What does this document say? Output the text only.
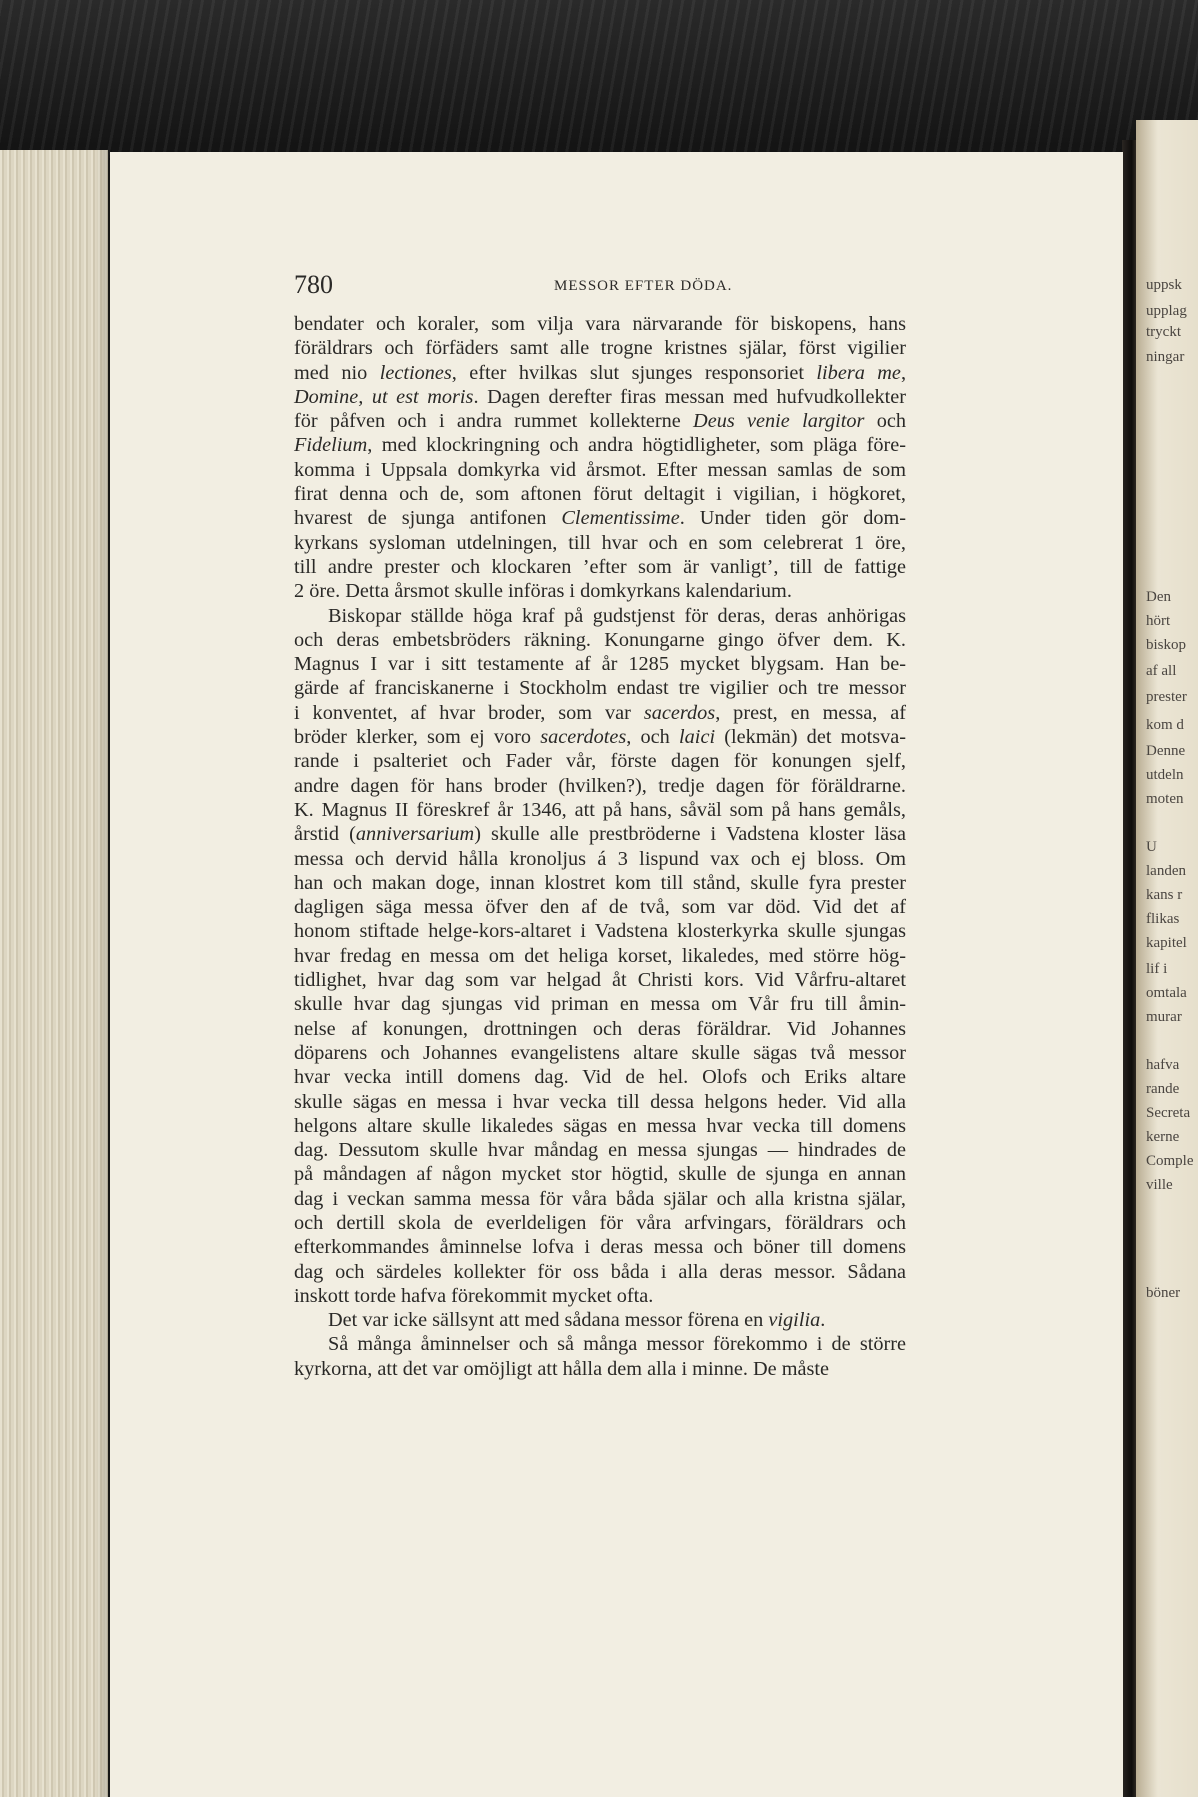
uppsk
upplag
tryckt
ningar
Den
hört
biskop
af all
prester
kom d
Denne
utdeln
moten
U
landen
kans r
flikas
kapitel
lif i
omtala
murar
hafva
rande
Secreta
kerne
Comple
ville
böner
780	MESSOR EFTER DÖDA.
bendater och koraler, som vilja vara närvarande för biskopens, hans
föräldrars och förfäders samt alle trogne kristnes själar, först vigilier
med nio lectiones, efter hvilkas slut sjunges responsoriet libera me,
Domine, ut est moris. Dagen derefter firas messan med hufvudkollekter
för påfven och i andra rummet kollekterne Deus venie largitor och
Fidelium, med klockringning och andra högtidligheter, som pläga före-
komma i Uppsala domkyrka vid årsmot. Efter messan samlas de som
firat denna och de, som aftonen förut deltagit i vigilian, i högkoret,
hvarest de sjunga antifonen Clementissime. Under tiden gör dom-
kyrkans sysloman utdelningen, till hvar och en som celebrerat 1 öre,
till andre prester och klockaren ’efter som är vanligt’, till de fattige
2 öre. Detta årsmot skulle införas i domkyrkans kalendarium.
Biskopar ställde höga kraf på gudstjenst för deras, deras anhörigas
och deras embetsbröders räkning. Konungarne gingo öfver dem. K.
Magnus I var i sitt testamente af år 1285 mycket blygsam. Han be-
gärde af franciskanerne i Stockholm endast tre vigilier och tre messor
i konventet, af hvar broder, som var sacerdos, prest, en messa, af
bröder klerker, som ej voro sacerdotes, och laici (lekmän) det motsva-
rande i psalteriet och Fader vår, förste dagen för konungen sjelf,
andre dagen för hans broder (hvilken?), tredje dagen för föräldrarne.
K. Magnus II föreskref år 1346, att på hans, såväl som på hans gemåls,
årstid (anniversarium) skulle alle prestbröderne i Vadstena kloster läsa
messa och dervid hålla kronoljus á 3 lispund vax och ej bloss. Om
han och makan doge, innan klostret kom till stånd, skulle fyra prester
dagligen säga messa öfver den af de två, som var död. Vid det af
honom stiftade helge-kors-altaret i Vadstena klosterkyrka skulle sjungas
hvar fredag en messa om det heliga korset, likaledes, med större hög-
tidlighet, hvar dag som var helgad åt Christi kors. Vid Vårfru-altaret
skulle hvar dag sjungas vid priman en messa om Vår fru till åmin-
nelse af konungen, drottningen och deras föräldrar. Vid Johannes
döparens och Johannes evangelistens altare skulle sägas två messor
hvar vecka intill domens dag. Vid de hel. Olofs och Eriks altare
skulle sägas en messa i hvar vecka till dessa helgons heder. Vid alla
helgons altare skulle likaledes sägas en messa hvar vecka till domens
dag. Dessutom skulle hvar måndag en messa sjungas — hindrades de
på måndagen af någon mycket stor högtid, skulle de sjunga en annan
dag i veckan samma messa för våra båda själar och alla kristna själar,
och dertill skola de everldeligen för våra arfvingars, föräldrars och
efterkommandes åminnelse lofva i deras messa och böner till domens
dag och särdeles kollekter för oss båda i alla deras messor. Sådana
inskott torde hafva förekommit mycket ofta.
Det var icke sällsynt att med sådana messor förena en vigilia.
Så många åminnelser och så många messor förekommo i de större
kyrkorna, att det var omöjligt att hålla dem alla i minne. De måste
